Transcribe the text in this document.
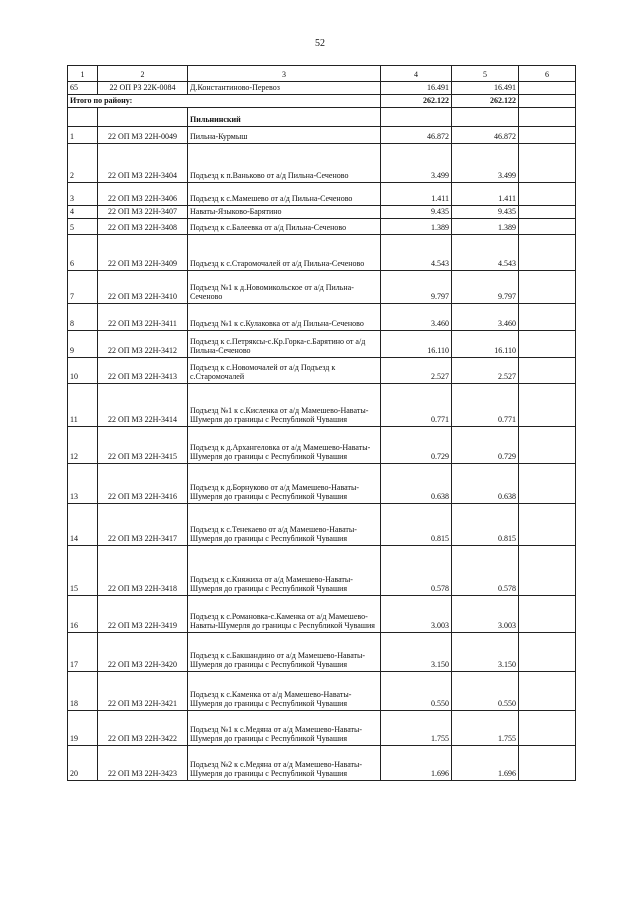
52
1	2	3	4	5	6
65	22 ОП РЗ 22К-0084	Д.Константиново-Перевоз	16.491	16.491	
Итого по району:			262.122	262.122	
		Пильнинский			
1	22 ОП МЗ 22Н-0049	Пильна-Курмыш	46.872	46.872	
2	22 ОП МЗ 22Н-3404	Подъезд к п.Ваньково от а/д Пильна-Сеченово	3.499	3.499	
3	22 ОП МЗ 22Н-3406	Подъезд к с.Мамешево от а/д Пильна-Сеченово	1.411	1.411	
4	22 ОП МЗ 22Н-3407	Наваты-Языково-Барятино	9.435	9.435	
5	22 ОП МЗ 22Н-3408	Подъезд к с.Балеевка от а/д Пильна-Сеченово	1.389	1.389	
6	22 ОП МЗ 22Н-3409	Подъезд к с.Старомочалей от а/д Пильна-Сеченово	4.543	4.543	
7	22 ОП МЗ 22Н-3410	Подъезд №1 к д.Новомикольское от а/д Пильна-Сеченово	9.797	9.797	
8	22 ОП МЗ 22Н-3411	Подъезд №1 к с.Кулаковка от а/д Пильна-Сеченово	3.460	3.460	
9	22 ОП МЗ 22Н-3412	Подъезд к с.Петряксы-с.Кр.Горка-с.Барятино от а/д Пильна-Сеченово	16.110	16.110	
10	22 ОП МЗ 22Н-3413	Подъезд к с.Новомочалей от а/д Подъезд к с.Старомочалей	2.527	2.527	
11	22 ОП МЗ 22Н-3414	Подъезд №1 к с.Кисленка от а/д Мамешево-Наваты-Шумерля до границы с Республикой Чувашия	0.771	0.771	
12	22 ОП МЗ 22Н-3415	Подъезд к д.Архангеловка от а/д Мамешево-Наваты-Шумерля до границы с Республикой Чувашия	0.729	0.729	
13	22 ОП МЗ 22Н-3416	Подъезд к д.Борнуково от а/д Мамешево-Наваты-Шумерля до границы с Республикой Чувашия	0.638	0.638	
14	22 ОП МЗ 22Н-3417	Подъезд к с.Тенекаево от а/д Мамешево-Наваты-Шумерля до границы с Республикой Чувашия	0.815	0.815	
15	22 ОП МЗ 22Н-3418	Подъезд к с.Княжиха от а/д Мамешево-Наваты-Шумерля до границы с Республикой Чувашия	0.578	0.578	
16	22 ОП МЗ 22Н-3419	Подъезд к с.Романовка-с.Каменка от а/д Мамешево-Наваты-Шумерля до границы с Республикой Чувашия	3.003	3.003	
17	22 ОП МЗ 22Н-3420	Подъезд к с.Бакшандино от а/д Мамешево-Наваты-Шумерля до границы с Республикой Чувашия	3.150	3.150	
18	22 ОП МЗ 22Н-3421	Подъезд к с.Каменка от а/д Мамешево-Наваты-Шумерля до границы с Республикой Чувашия	0.550	0.550	
19	22 ОП МЗ 22Н-3422	Подъезд №1 к с.Медяна от а/д Мамешево-Наваты-Шумерля до границы с Республикой Чувашия	1.755	1.755	
20	22 ОП МЗ 22Н-3423	Подъезд №2 к с.Медяна от а/д Мамешево-Наваты-Шумерля до границы с Республикой Чувашия	1.696	1.696	
